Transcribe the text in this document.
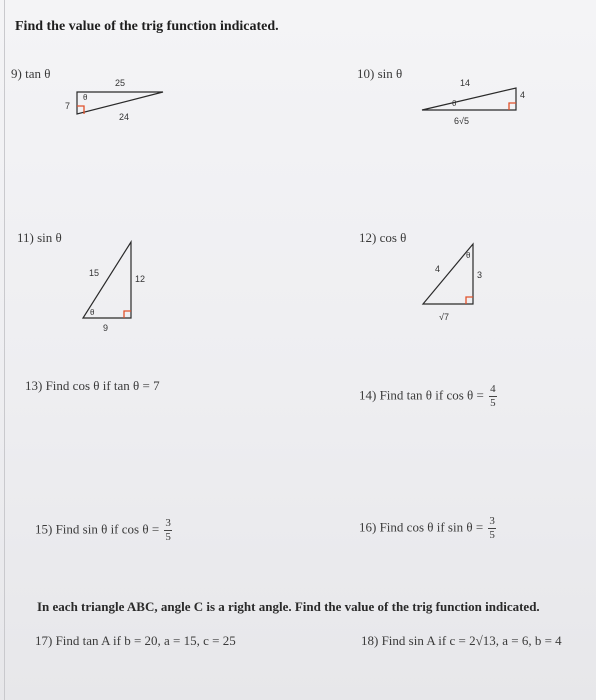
Find the value of the trig function indicated.
9) tan θ
25
24
7
θ
10) sin θ
14
4
6√5
θ
11) sin θ
15
12
9
θ
12) cos θ
4
3
√7
θ
13) Find cos θ if tan θ = 7
14) Find tan θ if $\cos \theta = \frac{4}{5}$
15) Find sin θ if $\cos \theta = \frac{3}{5}$	16) Find cos θ if $\sin \theta = \frac{3}{5}$
In each triangle ABC, angle C is a right angle. Find the value of the trig function indicated.
17) Find tan A if b = 20, a = 15, c = 25	18) Find sin A if c = 2√13, a = 6, b = 4
